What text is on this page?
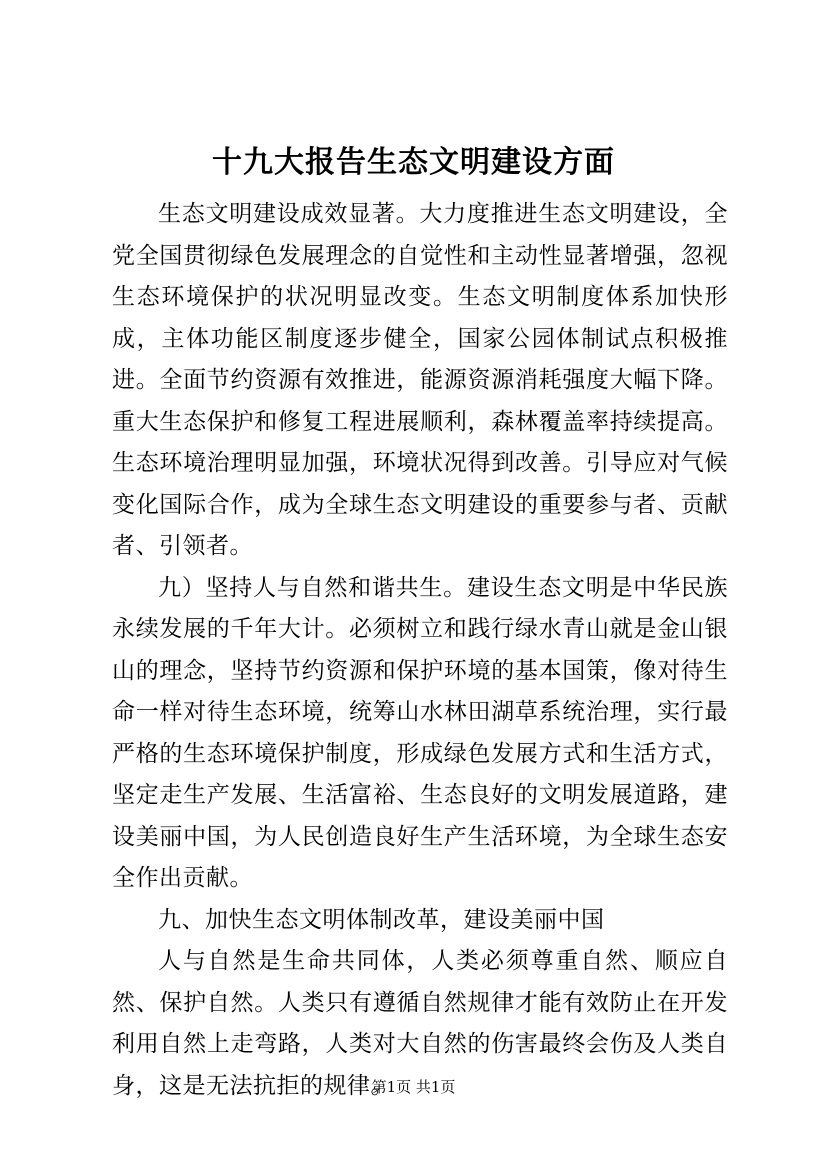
十九大报告生态文明建设方面

生态文明建设成效显著。大力度推进生态文明建设，全党全国贯彻绿色发展理念的自觉性和主动性显著增强，忽视生态环境保护的状况明显改变。生态文明制度体系加快形成，主体功能区制度逐步健全，国家公园体制试点积极推进。全面节约资源有效推进，能源资源消耗强度大幅下降。重大生态保护和修复工程进展顺利，森林覆盖率持续提高。生态环境治理明显加强，环境状况得到改善。引导应对气候变化国际合作，成为全球生态文明建设的重要参与者、贡献者、引领者。

九）坚持人与自然和谐共生。建设生态文明是中华民族永续发展的千年大计。必须树立和践行绿水青山就是金山银山的理念，坚持节约资源和保护环境的基本国策，像对待生命一样对待生态环境，统筹山水林田湖草系统治理，实行最严格的生态环境保护制度，形成绿色发展方式和生活方式，坚定走生产发展、生活富裕、生态良好的文明发展道路，建设美丽中国，为人民创造良好生产生活环境，为全球生态安全作出贡献。

九、加快生态文明体制改革，建设美丽中国

人与自然是生命共同体，人类必须尊重自然、顺应自然、保护自然。人类只有遵循自然规律才能有效防止在开发利用自然上走弯路，人类对大自然的伤害最终会伤及人类自身，这是无法抗拒的规律。

第1页 共1页
